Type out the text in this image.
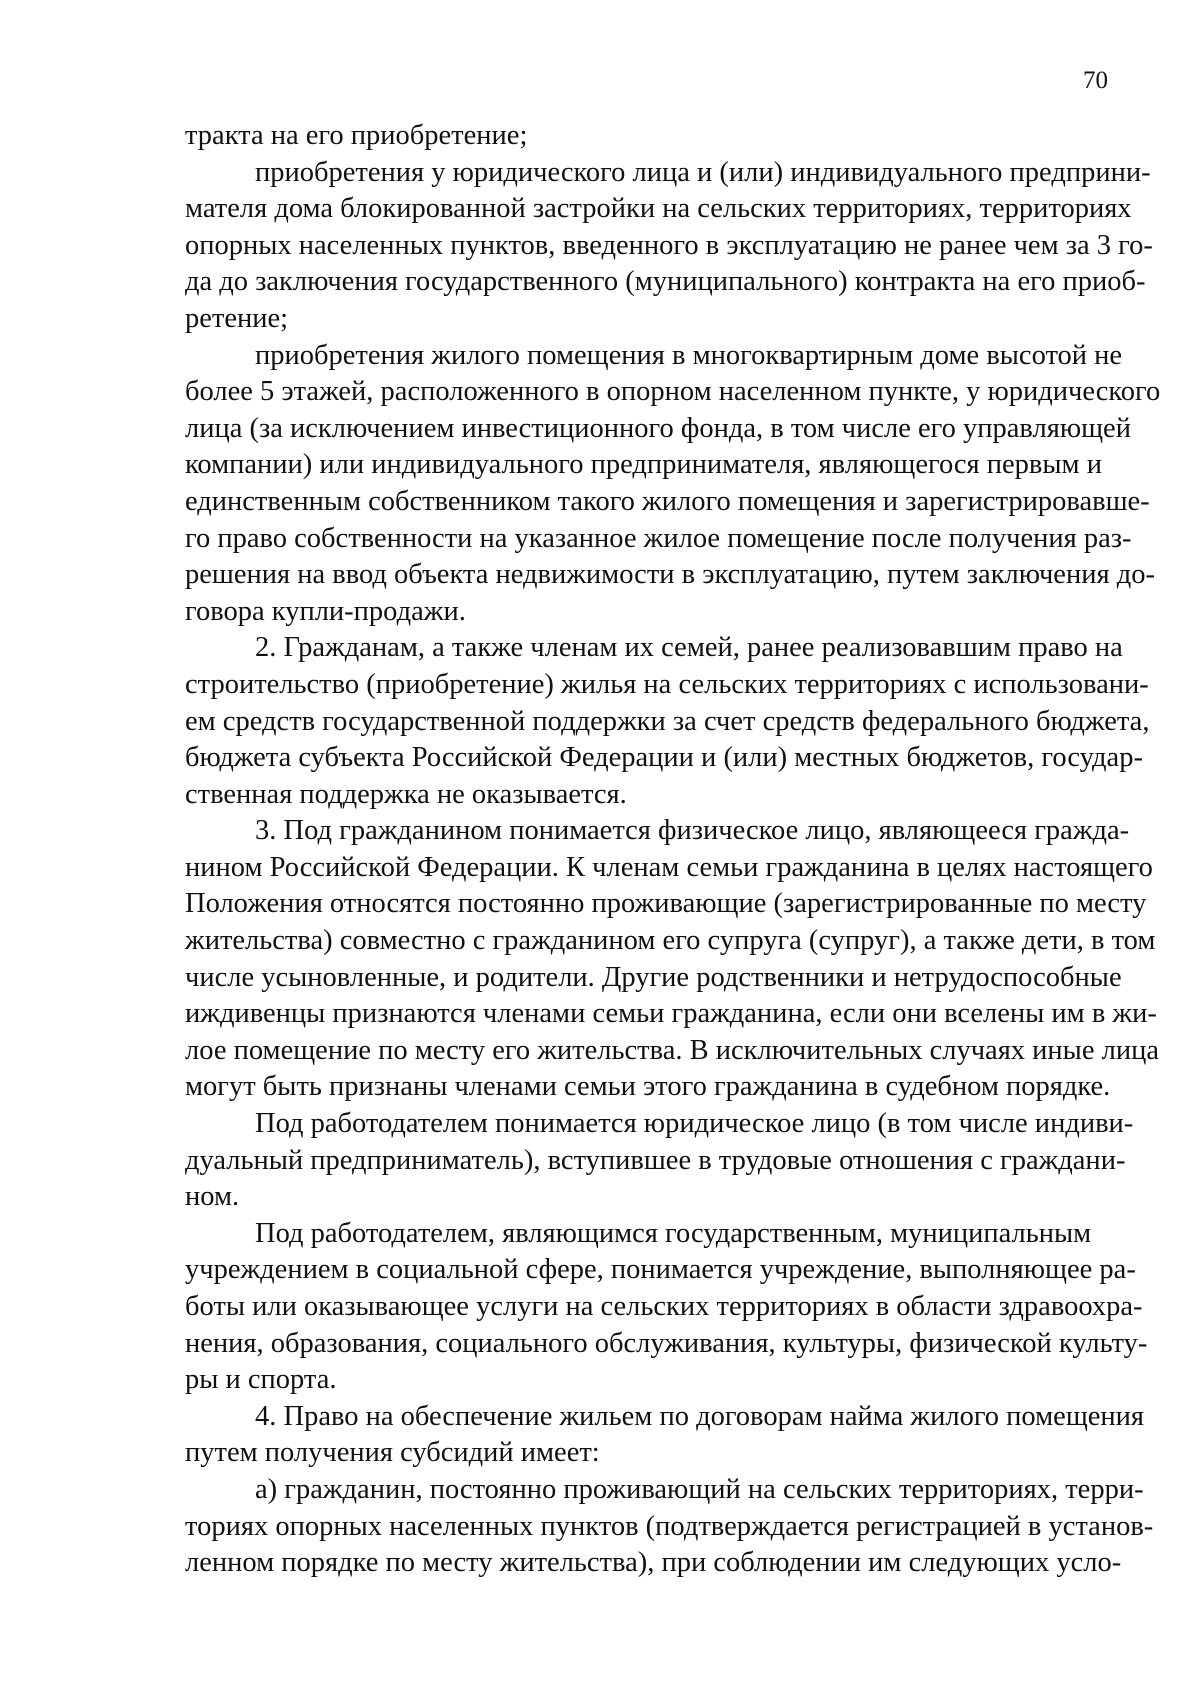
70

тракта на его приобретение;

приобретения у юридического лица и (или) индивидуального предприни-
мателя дома блокированной застройки на сельских территориях, территориях
опорных населенных пунктов, введенного в эксплуатацию не ранее чем за 3 го-
да до заключения государственного (муниципального) контракта на его приоб-
ретение;

приобретения жилого помещения в многоквартирным доме высотой не
более 5 этажей, расположенного в опорном населенном пункте, у юридического
лица (за исключением инвестиционного фонда, в том числе его управляющей
компании) или индивидуального предпринимателя, являющегося первым и
единственным собственником такого жилого помещения и зарегистрировавше-
го право собственности на указанное жилое помещение после получения раз-
решения на ввод объекта недвижимости в эксплуатацию, путем заключения до-
говора купли-продажи.

2. Гражданам, а также членам их семей, ранее реализовавшим право на
строительство (приобретение) жилья на сельских территориях с использовани-
ем средств государственной поддержки за счет средств федерального бюджета,
бюджета субъекта Российской Федерации и (или) местных бюджетов, государ-
ственная поддержка не оказывается.

3. Под гражданином понимается физическое лицо, являющееся гражда-
нином Российской Федерации. К членам семьи гражданина в целях настоящего
Положения относятся постоянно проживающие (зарегистрированные по месту
жительства) совместно с гражданином его супруга (супруг), а также дети, в том
числе усыновленные, и родители. Другие родственники и нетрудоспособные
иждивенцы признаются членами семьи гражданина, если они вселены им в жи-
лое помещение по месту его жительства. В исключительных случаях иные лица
могут быть признаны членами семьи этого гражданина в судебном порядке.

Под работодателем понимается юридическое лицо (в том числе индиви-
дуальный предприниматель), вступившее в трудовые отношения с граждани-
ном.

Под работодателем, являющимся государственным, муниципальным
учреждением в социальной сфере, понимается учреждение, выполняющее ра-
боты или оказывающее услуги на сельских территориях в области здравоохра-
нения, образования, социального обслуживания, культуры, физической культу-
ры и спорта.

4. Право на обеспечение жильем по договорам найма жилого помещения
путем получения субсидий имеет:

а) гражданин, постоянно проживающий на сельских территориях, терри-
ториях опорных населенных пунктов (подтверждается регистрацией в установ-
ленном порядке по месту жительства), при соблюдении им следующих усло-
